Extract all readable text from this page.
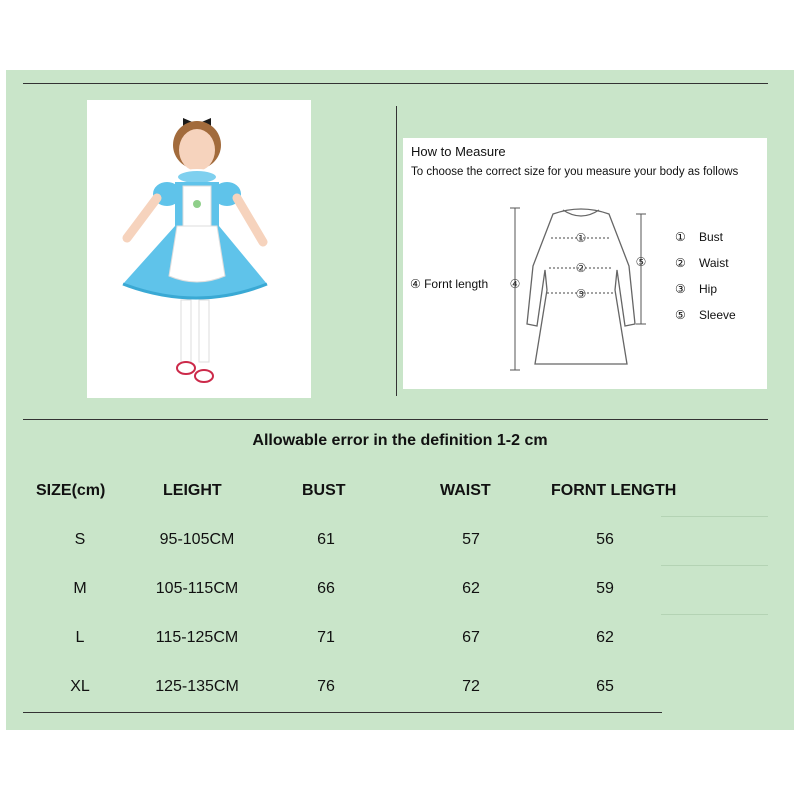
How to Measure
To choose the correct size for you measure your body as follows
①
②
③
④
⑤
④ Fornt length
① Bust
② Waist
③ Hip
⑤ Sleeve
Allowable error in the definition 1-2 cm
SIZE(cm)	LEIGHT	BUST	WAIST	FORNT LENGTH
S	95-105CM	61	57	56
M	105-115CM	66	62	59
L	115-125CM	71	67	62
XL	125-135CM	76	72	65
